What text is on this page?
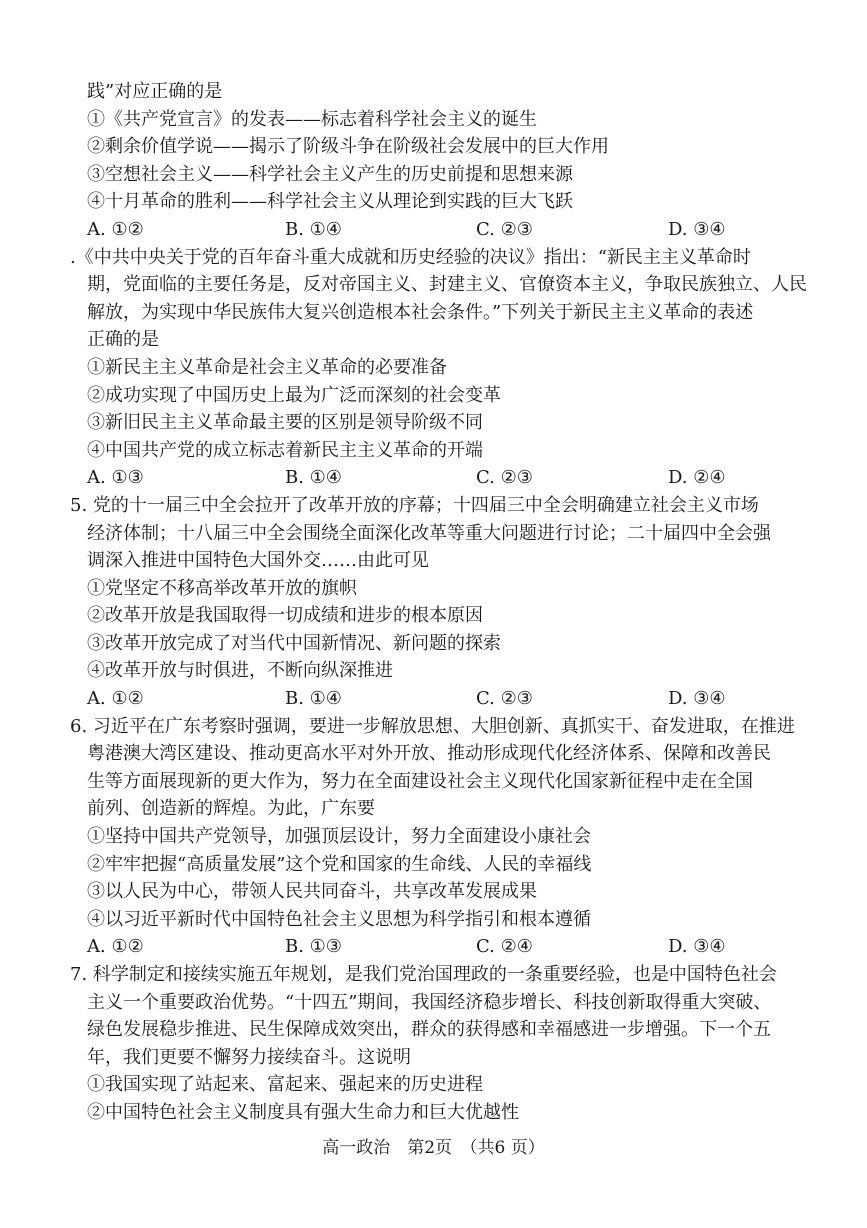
践”对应正确的是
①《共产党宣言》的发表——标志着科学社会主义的诞生
②剩余价值学说——揭示了阶级斗争在阶级社会发展中的巨大作用
③空想社会主义——科学社会主义产生的历史前提和思想来源
④十月革命的胜利——科学社会主义从理论到实践的巨大飞跃
A. ①②	B. ①④	C. ②③	D. ③④
.《中共中央关于党的百年奋斗重大成就和历史经验的决议》指出：“新民主主义革命时
期，党面临的主要任务是，反对帝国主义、封建主义、官僚资本主义，争取民族独立、人民
解放，为实现中华民族伟大复兴创造根本社会条件。”下列关于新民主主义革命的表述
正确的是
①新民主主义革命是社会主义革命的必要准备
②成功实现了中国历史上最为广泛而深刻的社会变革
③新旧民主主义革命最主要的区别是领导阶级不同
④中国共产党的成立标志着新民主主义革命的开端
A. ①③	B. ①④	C. ②③	D. ②④
5. 党的十一届三中全会拉开了改革开放的序幕；十四届三中全会明确建立社会主义市场
经济体制；十八届三中全会围绕全面深化改革等重大问题进行讨论；二十届四中全会强
调深入推进中国特色大国外交……由此可见
①党坚定不移高举改革开放的旗帜
②改革开放是我国取得一切成绩和进步的根本原因
③改革开放完成了对当代中国新情况、新问题的探索
④改革开放与时俱进，不断向纵深推进
A. ①②	B. ①④	C. ②③	D. ③④
6. 习近平在广东考察时强调，要进一步解放思想、大胆创新、真抓实干、奋发进取，在推进
粤港澳大湾区建设、推动更高水平对外开放、推动形成现代化经济体系、保障和改善民
生等方面展现新的更大作为，努力在全面建设社会主义现代化国家新征程中走在全国
前列、创造新的辉煌。为此，广东要
①坚持中国共产党领导，加强顶层设计，努力全面建设小康社会
②牢牢把握“高质量发展”这个党和国家的生命线、人民的幸福线
③以人民为中心，带领人民共同奋斗，共享改革发展成果
④以习近平新时代中国特色社会主义思想为科学指引和根本遵循
A. ①②	B. ①③	C. ②④	D. ③④
7. 科学制定和接续实施五年规划，是我们党治国理政的一条重要经验，也是中国特色社会
主义一个重要政治优势。“十四五”期间，我国经济稳步增长、科技创新取得重大突破、
绿色发展稳步推进、民生保障成效突出，群众的获得感和幸福感进一步增强。下一个五
年，我们更要不懈努力接续奋斗。这说明
①我国实现了站起来、富起来、强起来的历史进程
②中国特色社会主义制度具有强大生命力和巨大优越性
高一政治　第2页　（共6 页）
